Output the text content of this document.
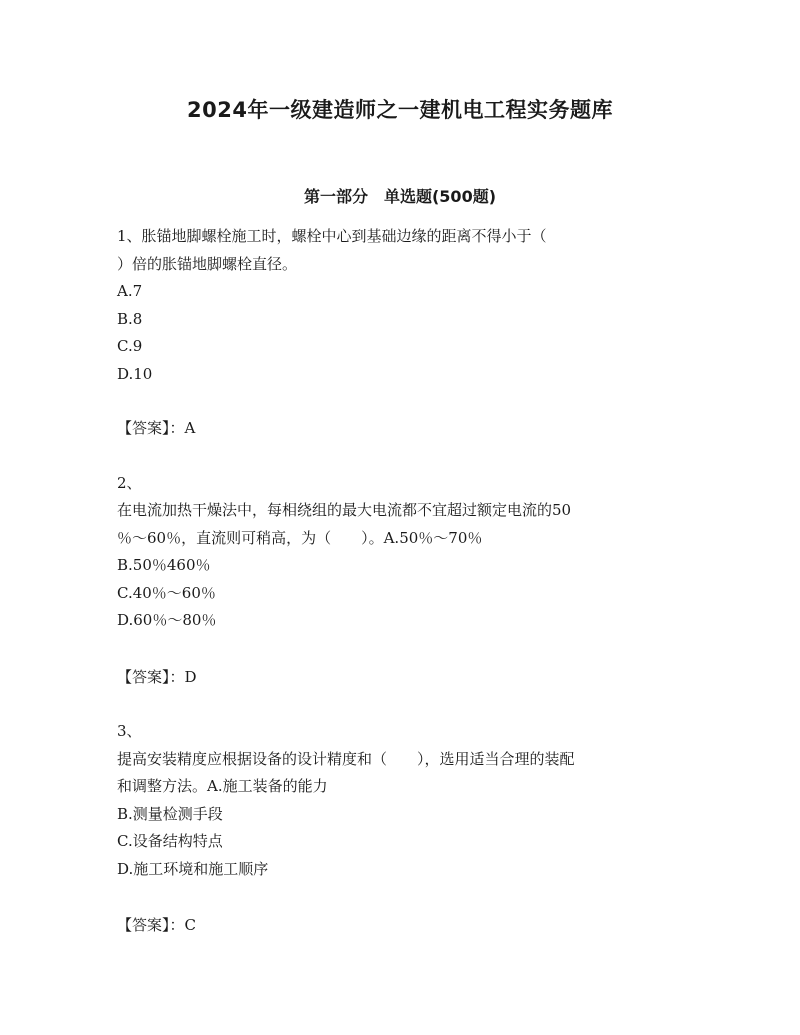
2024年一级建造师之一建机电工程实务题库
第一部分　单选题(500题)
1、胀锚地脚螺栓施工时，螺栓中心到基础边缘的距离不得小于（
）倍的胀锚地脚螺栓直径。
A.7
B.8
C.9
D.10
【答案】：A
2、
在电流加热干燥法中，每相绕组的最大电流都不宜超过额定电流的50
％～60％，直流则可稍高，为（　　）。A.50％～70％
B.50％460％
C.40％～60％
D.60％～80％
【答案】：D
3、
提高安装精度应根据设备的设计精度和（　　），选用适当合理的装配
和调整方法。A.施工装备的能力
B.测量检测手段
C.设备结构特点
D.施工环境和施工顺序
【答案】：C
